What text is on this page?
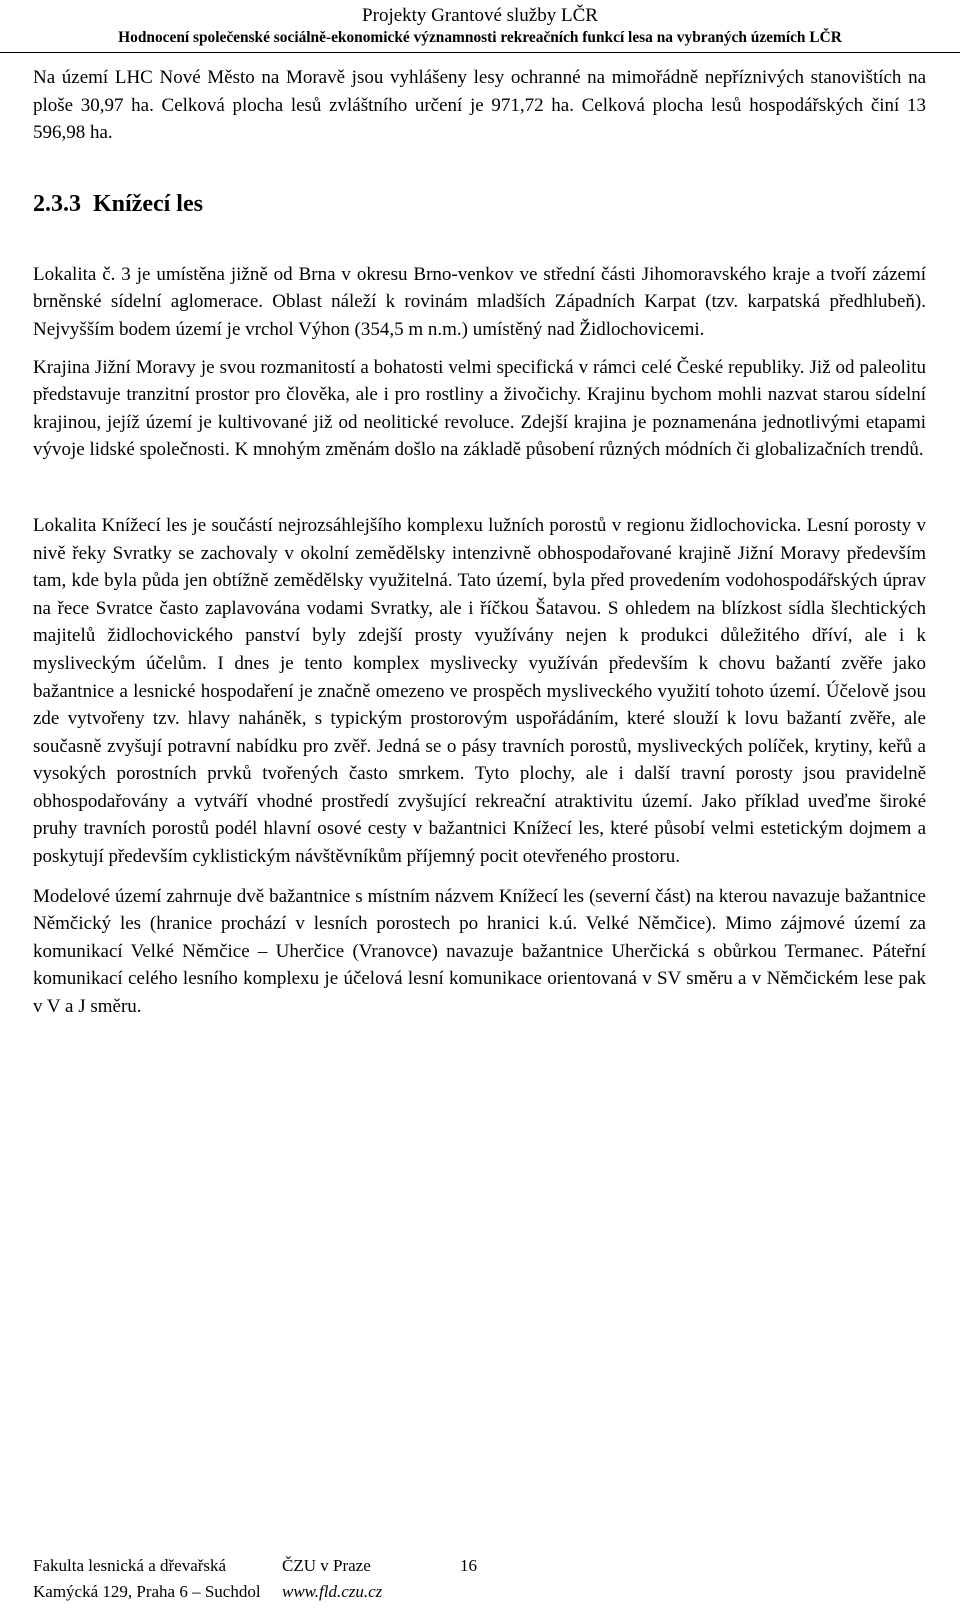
Projekty Grantové služby LČR
Hodnocení společenské sociálně-ekonomické významnosti rekreačních funkcí lesa na vybraných územích LČR

Na území LHC Nové Město na Moravě jsou vyhlášeny lesy ochranné na mimořádně nepříznivých stanovištích na ploše 30,97 ha. Celková plocha lesů zvláštního určení je 971,72 ha. Celková plocha lesů hospodářských činí 13 596,98 ha.

2.3.3 Knížecí les

Lokalita č. 3 je umístěna jižně od Brna v okresu Brno-venkov ve střední části Jihomoravského kraje a tvoří zázemí brněnské sídelní aglomerace. Oblast náleží k rovinám mladších Západních Karpat (tzv. karpatská předhlubeň). Nejvyšším bodem území je vrchol Výhon (354,5 m n.m.) umístěný nad Židlochovicemi.

Krajina Jižní Moravy je svou rozmanitostí a bohatosti velmi specifická v rámci celé České republiky. Již od paleolitu představuje tranzitní prostor pro člověka, ale i pro rostliny a živočichy. Krajinu bychom mohli nazvat starou sídelní krajinou, jejíž území je kultivované již od neolitické revoluce. Zdejší krajina je poznamenána jednotlivými etapami vývoje lidské společnosti. K mnohým změnám došlo na základě působení různých módních či globalizačních trendů.

Lokalita Knížecí les je součástí nejrozsáhlejšího komplexu lužních porostů v regionu židlochovicka. Lesní porosty v nivě řeky Svratky se zachovaly v okolní zemědělsky intenzivně obhospodařované krajině Jižní Moravy především tam, kde byla půda jen obtížně zemědělsky využitelná. Tato území, byla před provedením vodohospodářských úprav na řece Svratce často zaplavována vodami Svratky, ale i říčkou Šatavou. S ohledem na blízkost sídla šlechtických majitelů židlochovického panství byly zdejší prosty využívány nejen k produkci důležitého dříví, ale i k mysliveckým účelům. I dnes je tento komplex myslivecky využíván především k chovu bažantí zvěře jako bažantnice a lesnické hospodaření je značně omezeno ve prospěch mysliveckého využití tohoto území. Účelově jsou zde vytvořeny tzv. hlavy naháněk, s typickým prostorovým uspořádáním, které slouží k lovu bažantí zvěře, ale současně zvyšují potravní nabídku pro zvěř. Jedná se o pásy travních porostů, mysliveckých políček, krytiny, keřů a vysokých porostních prvků tvořených často smrkem. Tyto plochy, ale i další travní porosty jsou pravidelně obhospodařovány a vytváří vhodné prostředí zvyšující rekreační atraktivitu území. Jako příklad uveďme široké pruhy travních porostů podél hlavní osové cesty v bažantnici Knížecí les, které působí velmi estetickým dojmem a poskytují především cyklistickým návštěvníkům příjemný pocit otevřeného prostoru.

Modelové území zahrnuje dvě bažantnice s místním názvem Knížecí les (severní část) na kterou navazuje bažantnice Němčický les (hranice prochází v lesních porostech po hranici k.ú. Velké Němčice). Mimo zájmové území za komunikací Velké Němčice – Uherčice (Vranovce) navazuje bažantnice Uherčická s obůrkou Termanec. Páteřní komunikací celého lesního komplexu je účelová lesní komunikace orientovaná v SV směru a v Němčickém lese pak v V a J směru.

Fakulta lesnická a dřevařská	ČZU v Praze	16
Kamýcká 129, Praha 6 – Suchdol	www.fld.czu.cz
